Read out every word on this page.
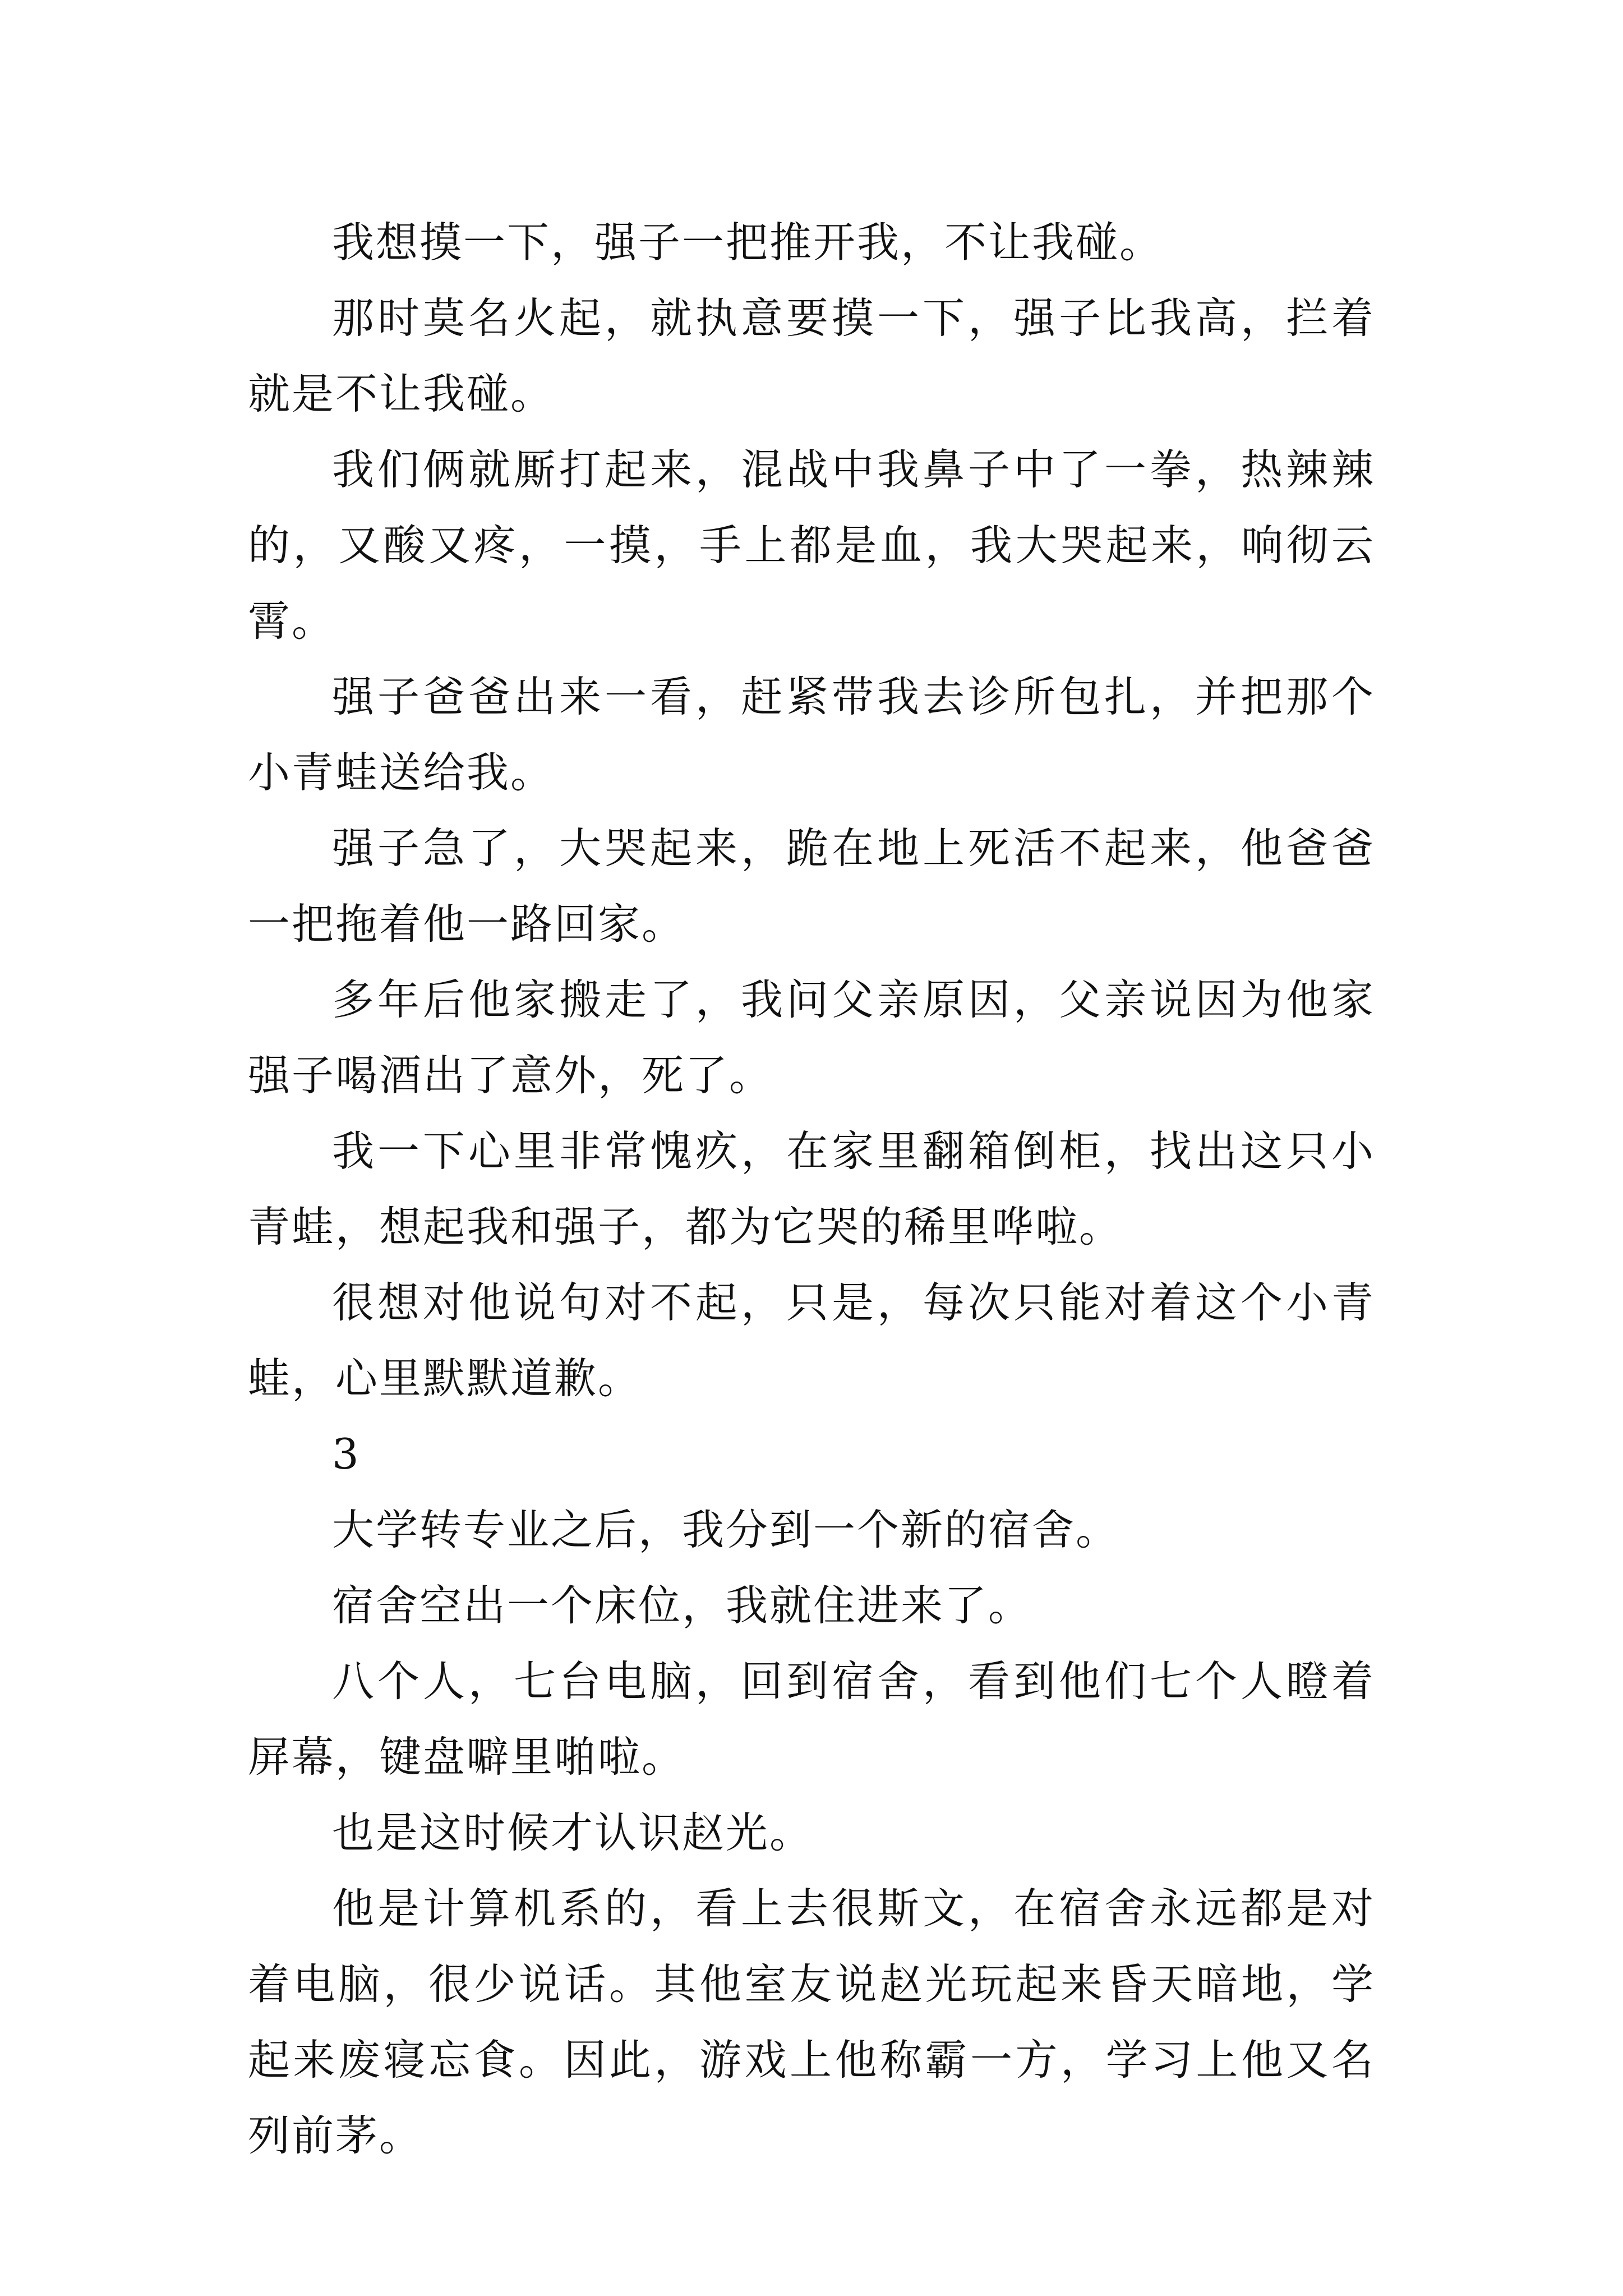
我想摸一下，强子一把推开我，不让我碰。

那时莫名火起，就执意要摸一下，强子比我高，拦着就是不让我碰。

我们俩就厮打起来，混战中我鼻子中了一拳，热辣辣的，又酸又疼，一摸，手上都是血，我大哭起来，响彻云霄。

强子爸爸出来一看，赶紧带我去诊所包扎，并把那个小青蛙送给我。

强子急了，大哭起来，跪在地上死活不起来，他爸爸一把拖着他一路回家。

多年后他家搬走了，我问父亲原因，父亲说因为他家强子喝酒出了意外，死了。

我一下心里非常愧疚，在家里翻箱倒柜，找出这只小青蛙，想起我和强子，都为它哭的稀里哗啦。

很想对他说句对不起，只是，每次只能对着这个小青蛙，心里默默道歉。

3

大学转专业之后，我分到一个新的宿舍。

宿舍空出一个床位，我就住进来了。

八个人，七台电脑，回到宿舍，看到他们七个人瞪着屏幕，键盘噼里啪啦。

也是这时候才认识赵光。

他是计算机系的，看上去很斯文，在宿舍永远都是对着电脑，很少说话。其他室友说赵光玩起来昏天暗地，学起来废寝忘食。因此，游戏上他称霸一方，学习上他又名列前茅。
